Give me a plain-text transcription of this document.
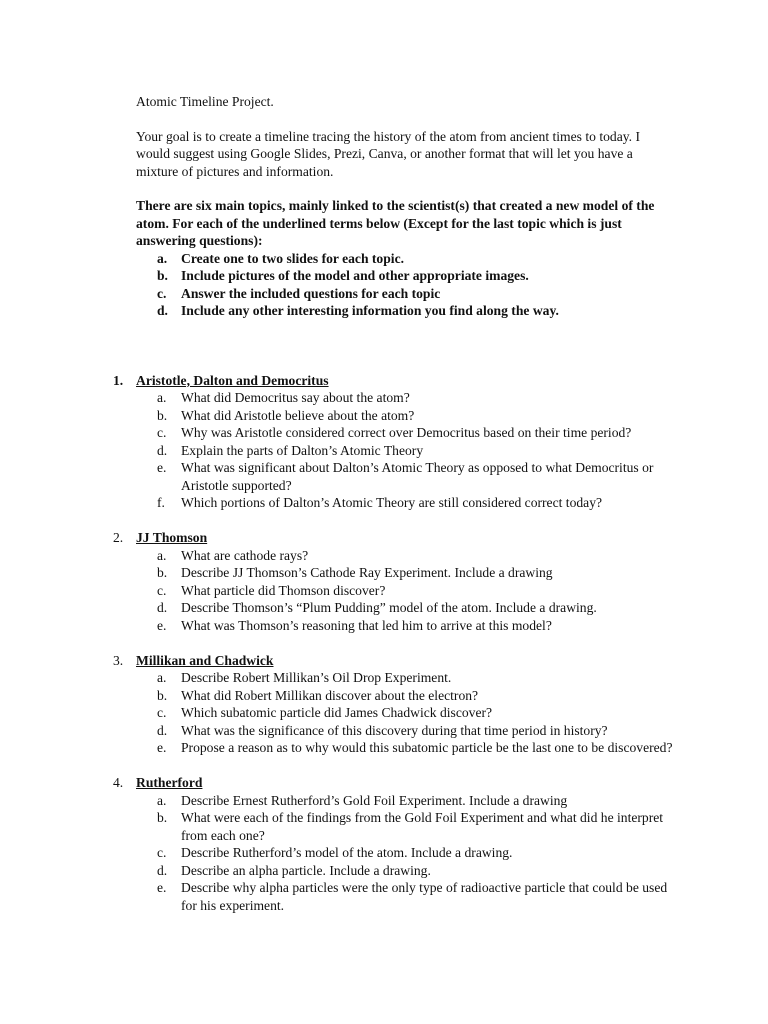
Atomic Timeline Project.

Your goal is to create a timeline tracing the history of the atom from ancient times to today. I would suggest using Google Slides, Prezi, Canva, or another format that will let you have a mixture of pictures and information.

There are six main topics, mainly linked to the scientist(s) that created a new model of the atom. For each of the underlined terms below (Except for the last topic which is just answering questions):

a. Create one to two slides for each topic.
b. Include pictures of the model and other appropriate images.
c. Answer the included questions for each topic
d. Include any other interesting information you find along the way.
1. Aristotle, Dalton and Democritus
a. What did Democritus say about the atom?
b. What did Aristotle believe about the atom?
c. Why was Aristotle considered correct over Democritus based on their time period?
d. Explain the parts of Dalton’s Atomic Theory
e. What was significant about Dalton’s Atomic Theory as opposed to what Democritus or Aristotle supported?
f. Which portions of Dalton’s Atomic Theory are still considered correct today?
2. JJ Thomson
a. What are cathode rays?
b. Describe JJ Thomson’s Cathode Ray Experiment. Include a drawing
c. What particle did Thomson discover?
d. Describe Thomson’s “Plum Pudding” model of the atom. Include a drawing.
e. What was Thomson’s reasoning that led him to arrive at this model?
3. Millikan and Chadwick
a. Describe Robert Millikan’s Oil Drop Experiment.
b. What did Robert Millikan discover about the electron?
c. Which subatomic particle did James Chadwick discover?
d. What was the significance of this discovery during that time period in history?
e. Propose a reason as to why would this subatomic particle be the last one to be discovered?
4. Rutherford
a. Describe Ernest Rutherford’s Gold Foil Experiment. Include a drawing
b. What were each of the findings from the Gold Foil Experiment and what did he interpret from each one?
c. Describe Rutherford’s model of the atom. Include a drawing.
d. Describe an alpha particle. Include a drawing.
e. Describe why alpha particles were the only type of radioactive particle that could be used for his experiment.
